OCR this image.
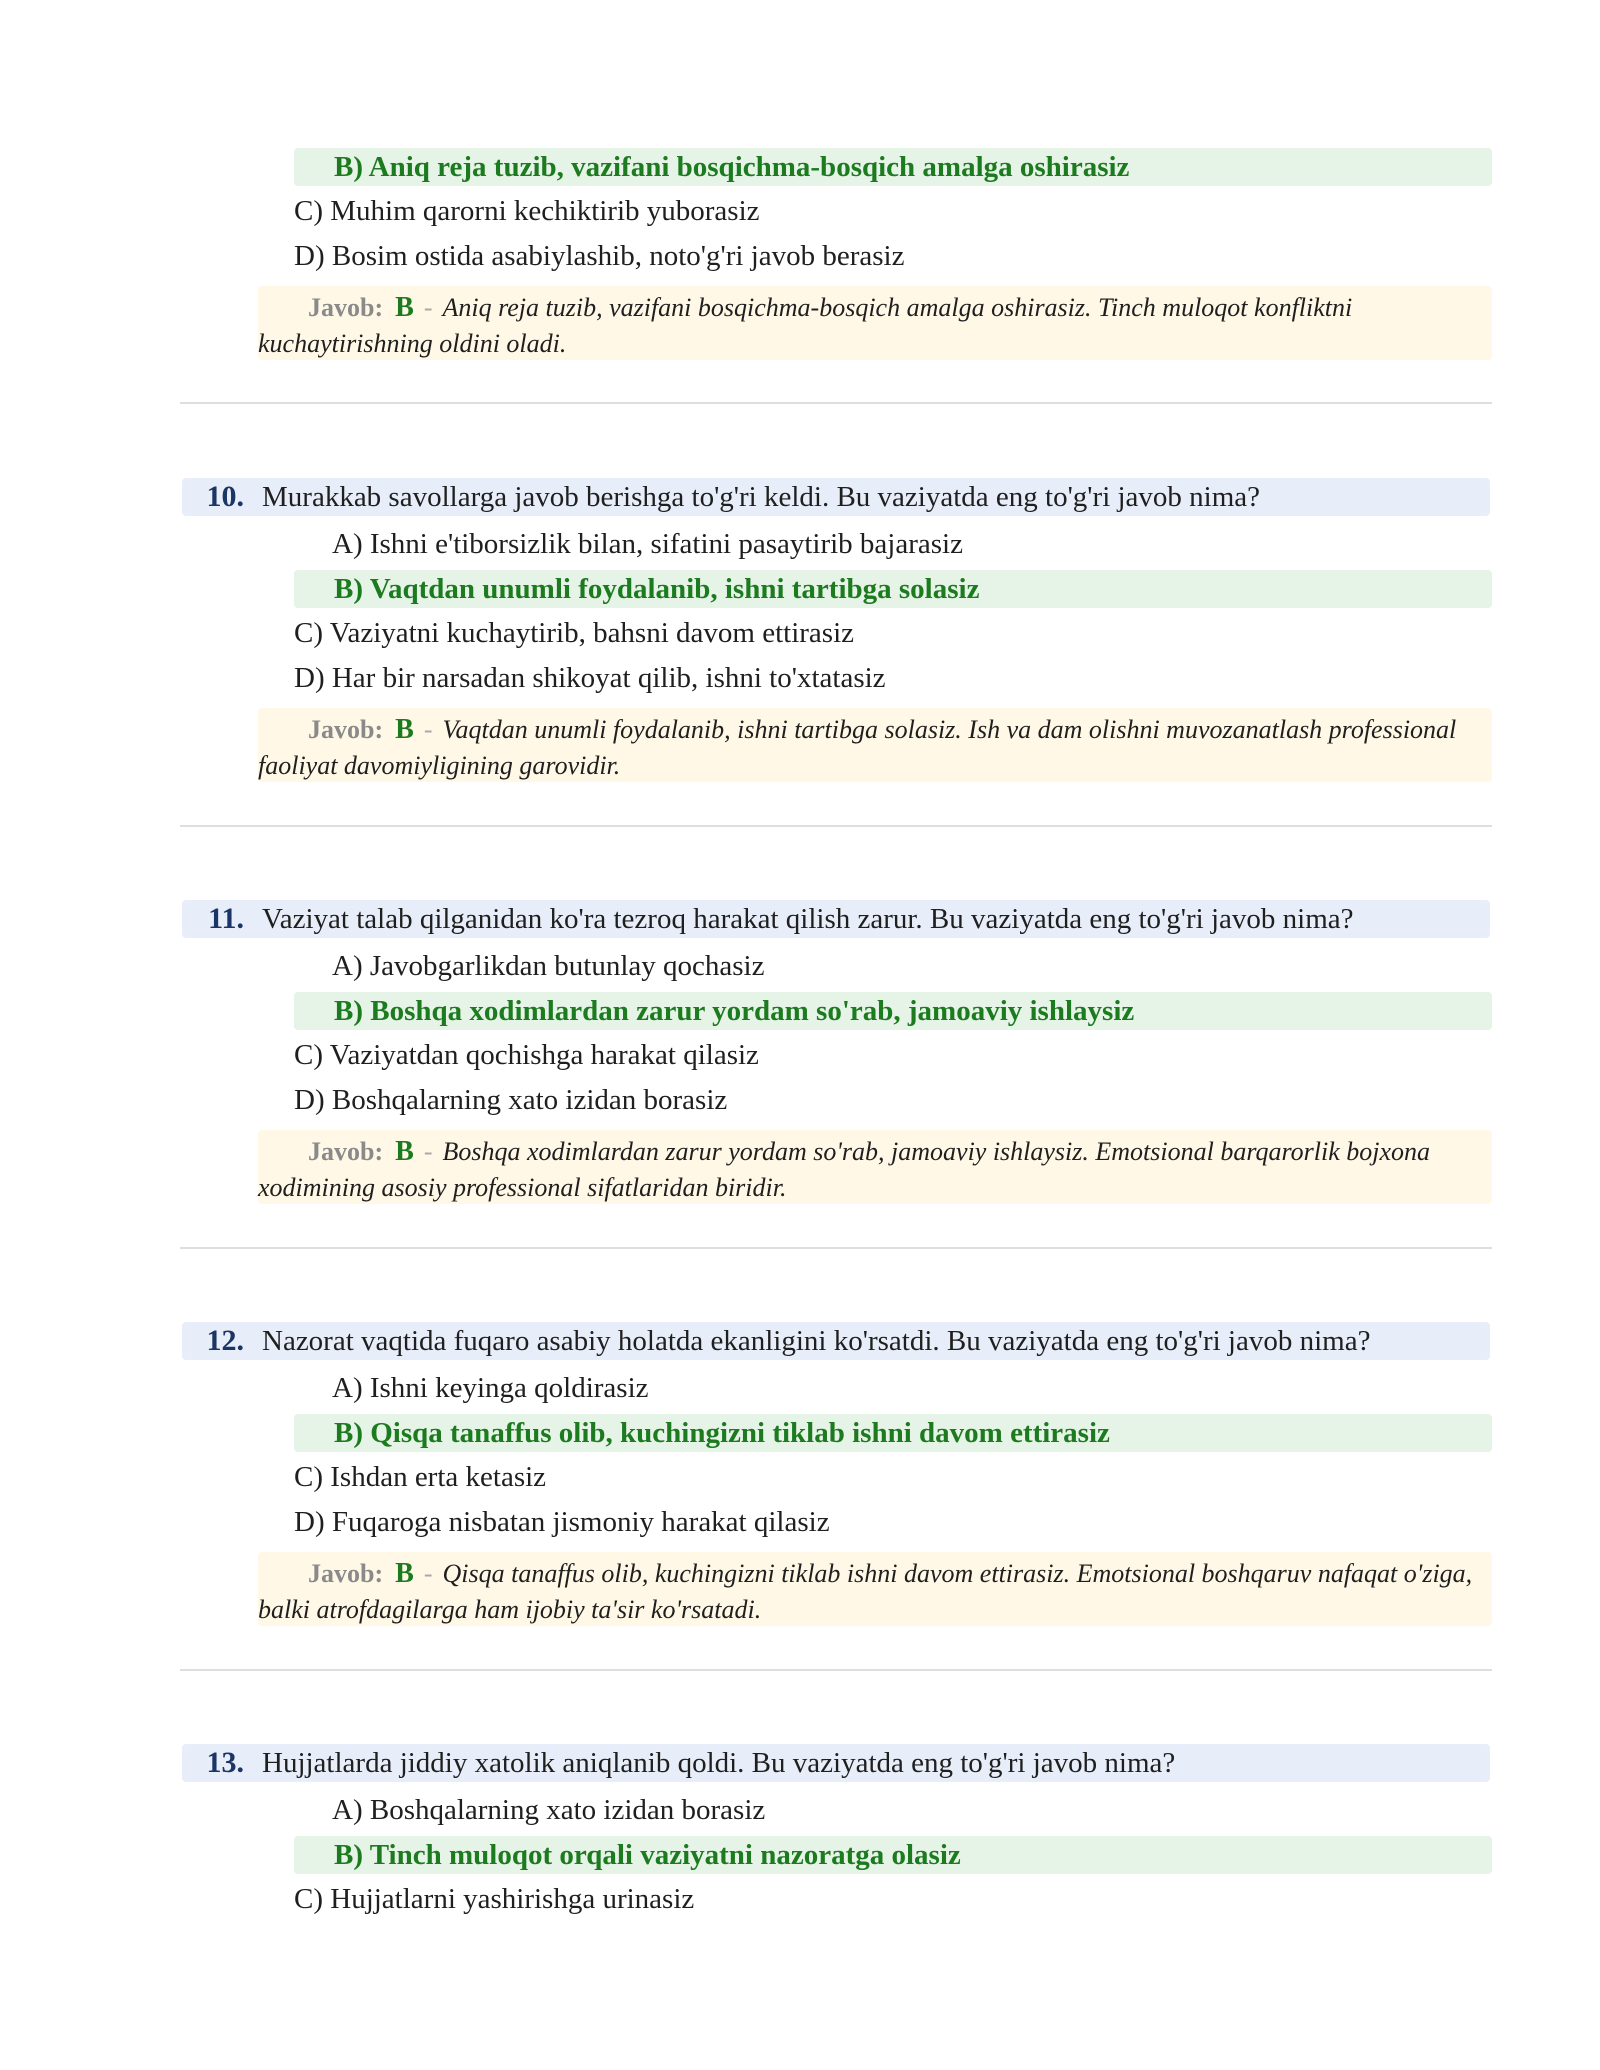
B) Aniq reja tuzib, vazifani bosqichma-bosqich amalga oshirasiz
C) Muhim qarorni kechiktirib yuborasiz
D) Bosim ostida asabiylashib, noto'g'ri javob berasiz
Javob: B - Aniq reja tuzib, vazifani bosqichma-bosqich amalga oshirasiz. Tinch muloqot konfliktni kuchaytirishning oldini oladi.
10. Murakkab savollarga javob berishga to'g'ri keldi. Bu vaziyatda eng to'g'ri javob nima?
A) Ishni e'tiborsizlik bilan, sifatini pasaytirib bajarasiz
B) Vaqtdan unumli foydalanib, ishni tartibga solasiz
C) Vaziyatni kuchaytirib, bahsni davom ettirasiz
D) Har bir narsadan shikoyat qilib, ishni to'xtatasiz
Javob: B - Vaqtdan unumli foydalanib, ishni tartibga solasiz. Ish va dam olishni muvozanatlash professional faoliyat davomiyligining garovidir.
11. Vaziyat talab qilganidan ko'ra tezroq harakat qilish zarur. Bu vaziyatda eng to'g'ri javob nima?
A) Javobgarlikdan butunlay qochasiz
B) Boshqa xodimlardan zarur yordam so'rab, jamoaviy ishlaysiz
C) Vaziyatdan qochishga harakat qilasiz
D) Boshqalarning xato izidan borasiz
Javob: B - Boshqa xodimlardan zarur yordam so'rab, jamoaviy ishlaysiz. Emotsional barqarorlik bojxona xodimining asosiy professional sifatlaridan biridir.
12. Nazorat vaqtida fuqaro asabiy holatda ekanligini ko'rsatdi. Bu vaziyatda eng to'g'ri javob nima?
A) Ishni keyinga qoldirasiz
B) Qisqa tanaffus olib, kuchingizni tiklab ishni davom ettirasiz
C) Ishdan erta ketasiz
D) Fuqaroga nisbatan jismoniy harakat qilasiz
Javob: B - Qisqa tanaffus olib, kuchingizni tiklab ishni davom ettirasiz. Emotsional boshqaruv nafaqat o'ziga, balki atrofdagilarga ham ijobiy ta'sir ko'rsatadi.
13. Hujjatlarda jiddiy xatolik aniqlanib qoldi. Bu vaziyatda eng to'g'ri javob nima?
A) Boshqalarning xato izidan borasiz
B) Tinch muloqot orqali vaziyatni nazoratga olasiz
C) Hujjatlarni yashirishga urinasiz
